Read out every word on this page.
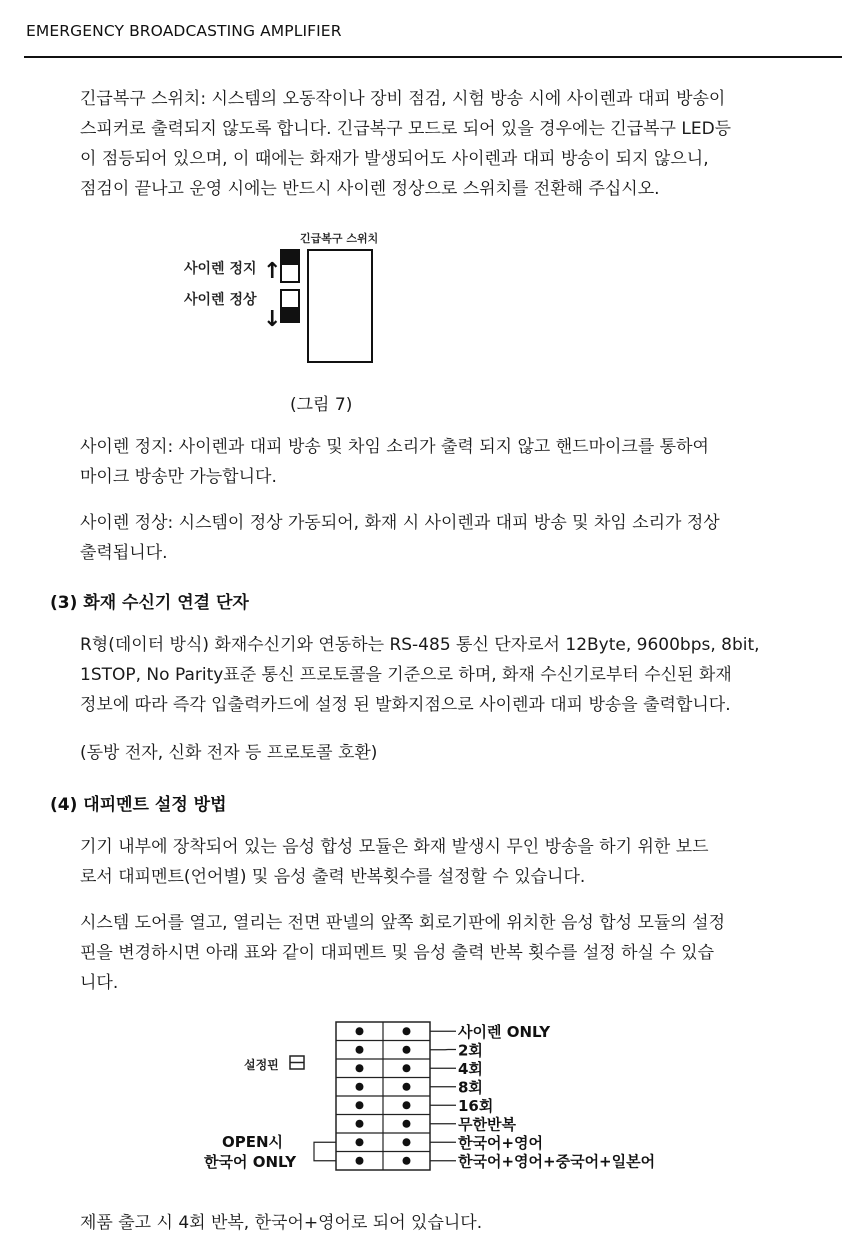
EMERGENCY BROADCASTING AMPLIFIER
긴급복구 스위치: 시스템의 오동작이나 장비 점검, 시험 방송 시에 사이렌과 대피 방송이
스피커로 출력되지 않도록 합니다. 긴급복구 모드로 되어 있을 경우에는 긴급복구 LED등
이 점등되어 있으며, 이 때에는 화재가 발생되어도 사이렌과 대피 방송이 되지 않으니,
점검이 끝나고 운영 시에는 반드시 사이렌 정상으로 스위치를 전환해 주십시오.
긴급복구 스위치
사이렌 정지 ↑
사이렌 정상
↓
(그림 7)
사이렌 정지: 사이렌과 대피 방송 및 차임 소리가 출력 되지 않고 핸드마이크를 통하여
마이크 방송만 가능합니다.
사이렌 정상: 시스템이 정상 가동되어, 화재 시 사이렌과 대피 방송 및 차임 소리가 정상
출력됩니다.
(3) 화재 수신기 연결 단자
R형(데이터 방식) 화재수신기와 연동하는 RS-485 통신 단자로서 12Byte, 9600bps, 8bit,
1STOP, No Parity표준 통신 프로토콜을 기준으로 하며, 화재 수신기로부터 수신된 화재
정보에 따라 즉각 입출력카드에 설정 된 발화지점으로 사이렌과 대피 방송을 출력합니다.
(동방 전자, 신화 전자 등 프로토콜 호환)
(4) 대피멘트 설정 방법
기기 내부에 장착되어 있는 음성 합성 모듈은 화재 발생시 무인 방송을 하기 위한 보드
로서 대피멘트(언어별) 및 음성 출력 반복횟수를 설정할 수 있습니다.
시스템 도어를 열고, 열리는 전면 판넬의 앞쪽 회로기판에 위치한 음성 합성 모듈의 설정
핀을 변경하시면 아래 표와 같이 대피멘트 및 음성 출력 반복 횟수를 설정 하실 수 있습
니다.
설정핀
사이렌 ONLY
2회
4회
8회
16회
무한반복
한국어+영어
한국어+영어+중국어+일본어
OPEN시
한국어 ONLY
제품 출고 시 4회 반복, 한국어+영어로 되어 있습니다.
